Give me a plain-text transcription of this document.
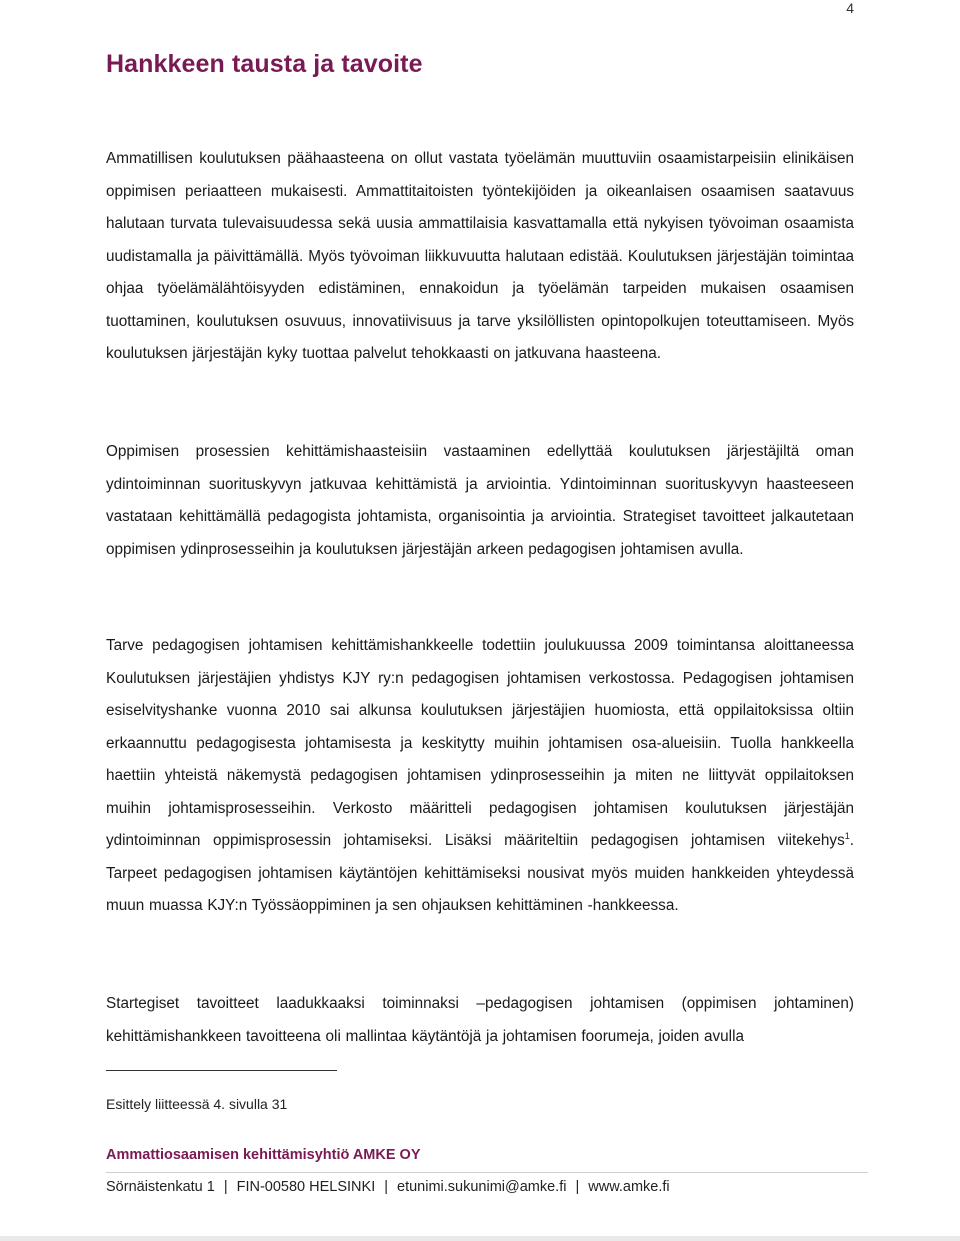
4
Hankkeen tausta ja tavoite

Ammatillisen koulutuksen päähaasteena on ollut vastata työelämän muuttuviin osaamistarpeisiin elinikäisen oppimisen periaatteen mukaisesti. Ammattitaitoisten työntekijöiden ja oikeanlaisen osaamisen saatavuus halutaan turvata tulevaisuudessa sekä uusia ammattilaisia kasvattamalla että nykyisen työvoiman osaamista uudistamalla ja päivittämällä. Myös työvoiman liikkuvuutta halutaan edistää. Koulutuksen järjestäjän toimintaa ohjaa työelämälähtöisyyden edistäminen, ennakoidun ja työelämän tarpeiden mukaisen osaamisen tuottaminen, koulutuksen osuvuus, innovatiivisuus ja tarve yksilöllisten opintopolkujen toteuttamiseen. Myös koulutuksen järjestäjän kyky tuottaa palvelut tehokkaasti on jatkuvana haasteena.

Oppimisen prosessien kehittämishaasteisiin vastaaminen edellyttää koulutuksen järjestäjiltä oman ydintoiminnan suorituskyvyn jatkuvaa kehittämistä ja arviointia. Ydintoiminnan suorituskyvyn haasteeseen vastataan kehittämällä pedagogista johtamista, organisointia ja arviointia. Strategiset tavoitteet jalkautetaan oppimisen ydinprosesseihin ja koulutuksen järjestäjän arkeen pedagogisen johtamisen avulla.

Tarve pedagogisen johtamisen kehittämishankkeelle todettiin joulukuussa 2009 toimintansa aloittaneessa Koulutuksen järjestäjien yhdistys KJY ry:n pedagogisen johtamisen verkostossa. Pedagogisen johtamisen esiselvityshanke vuonna 2010 sai alkunsa koulutuksen järjestäjien huomiosta, että oppilaitoksissa oltiin erkaannuttu pedagogisesta johtamisesta ja keskitytty muihin johtamisen osa-alueisiin. Tuolla hankkeella haettiin yhteistä näkemystä pedagogisen johtamisen ydinprosesseihin ja miten ne liittyvät oppilaitoksen muihin johtamisprosesseihin. Verkosto määritteli pedagogisen johtamisen koulutuksen järjestäjän ydintoiminnan oppimisprosessin johtamiseksi. Lisäksi määriteltiin pedagogisen johtamisen viitekehys$^1$. Tarpeet pedagogisen johtamisen käytäntöjen kehittämiseksi nousivat myös muiden hankkeiden yhteydessä muun muassa KJY:n Työssäoppiminen ja sen ohjauksen kehittäminen -hankkeessa.

Startegiset tavoitteet laadukkaaksi toiminnaksi –pedagogisen johtamisen (oppimisen johtaminen) kehittämishankkeen tavoitteena oli mallintaa käytäntöjä ja johtamisen foorumeja, joiden avulla

Esittely liitteessä 4. sivulla 31
Ammattiosaamisen kehittämisyhtiö AMKE OY
Sörnäistenkatu 1 | FIN-00580 HELSINKI | etunimi.sukunimi@amke.fi | www.amke.fi
